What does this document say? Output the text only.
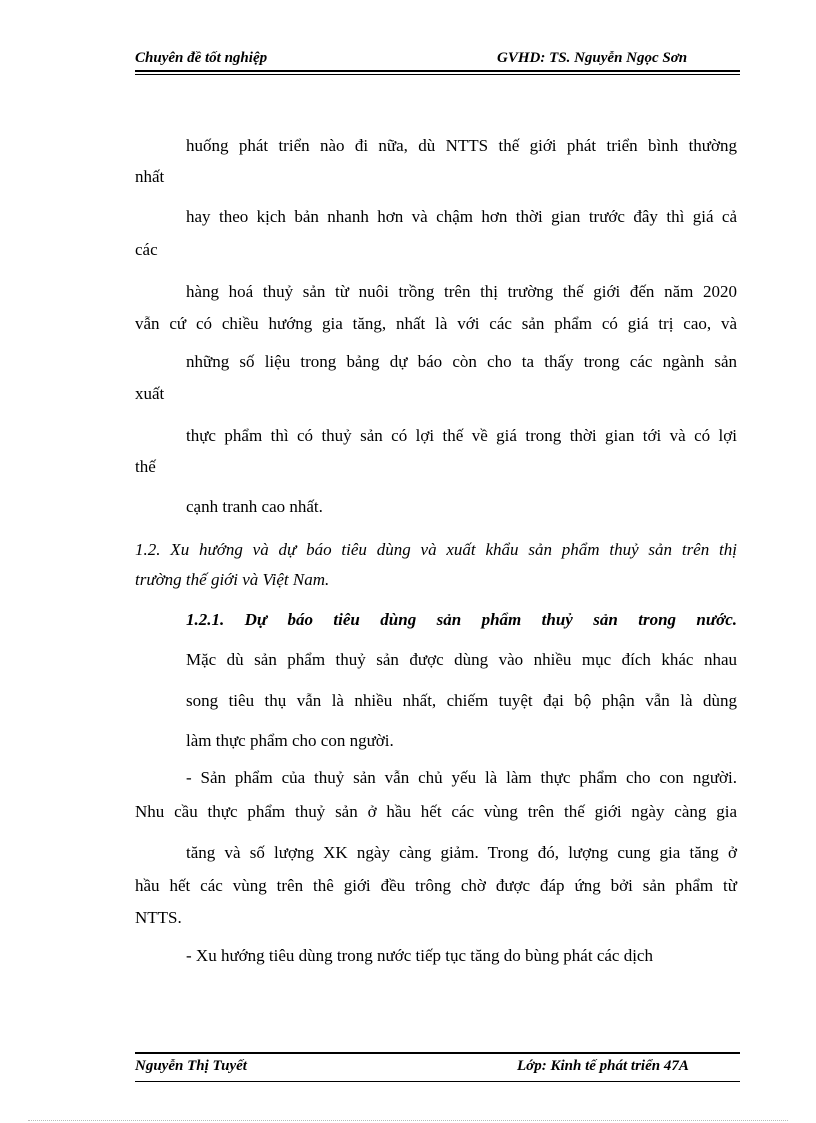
Chuyên đề tốt nghiệp	GVHD: TS. Nguyễn Ngọc Sơn
huống phát triển nào đi nữa, dù NTTS thế giới phát triển bình thường
nhất
hay theo kịch bản nhanh hơn và chậm hơn thời gian trước đây thì giá cả
các
hàng hoá thuỷ sản từ nuôi trồng trên thị trường thế giới đến năm 2020
vẫn cứ có chiều hướng gia tăng, nhất là với các sản phẩm có giá trị cao, và
những số liệu trong bảng dự báo còn cho ta thấy trong các ngành sản
xuất
thực phẩm thì có thuỷ sản có lợi thế về giá trong thời gian tới và có lợi
thế
cạnh tranh cao nhất.
1.2. Xu hướng và dự báo tiêu dùng và xuất khẩu sản phẩm thuỷ sản trên thị
trường thế giới và Việt Nam.
1.2.1. Dự báo tiêu dùng sản phẩm thuỷ sản trong nước.
Mặc dù sản phẩm thuỷ sản được dùng vào nhiều mục đích khác nhau
song tiêu thụ vẫn là nhiều nhất, chiếm tuyệt đại bộ phận vẫn là dùng
làm thực phẩm cho con người.
- Sản phẩm của thuỷ sản vẫn chủ yếu là làm thực phẩm cho con người.
Nhu cầu thực phẩm thuỷ sản ở hầu hết các vùng trên thế giới ngày càng gia
tăng và số lượng XK ngày càng giảm. Trong đó, lượng cung gia tăng ở
hầu hết các vùng trên thê giới đều trông chờ được đáp ứng bởi sản phẩm từ
NTTS.
- Xu hướng tiêu dùng trong nước tiếp tục tăng do bùng phát các dịch
Nguyễn Thị Tuyết	Lớp: Kinh tế phát triển 47A
